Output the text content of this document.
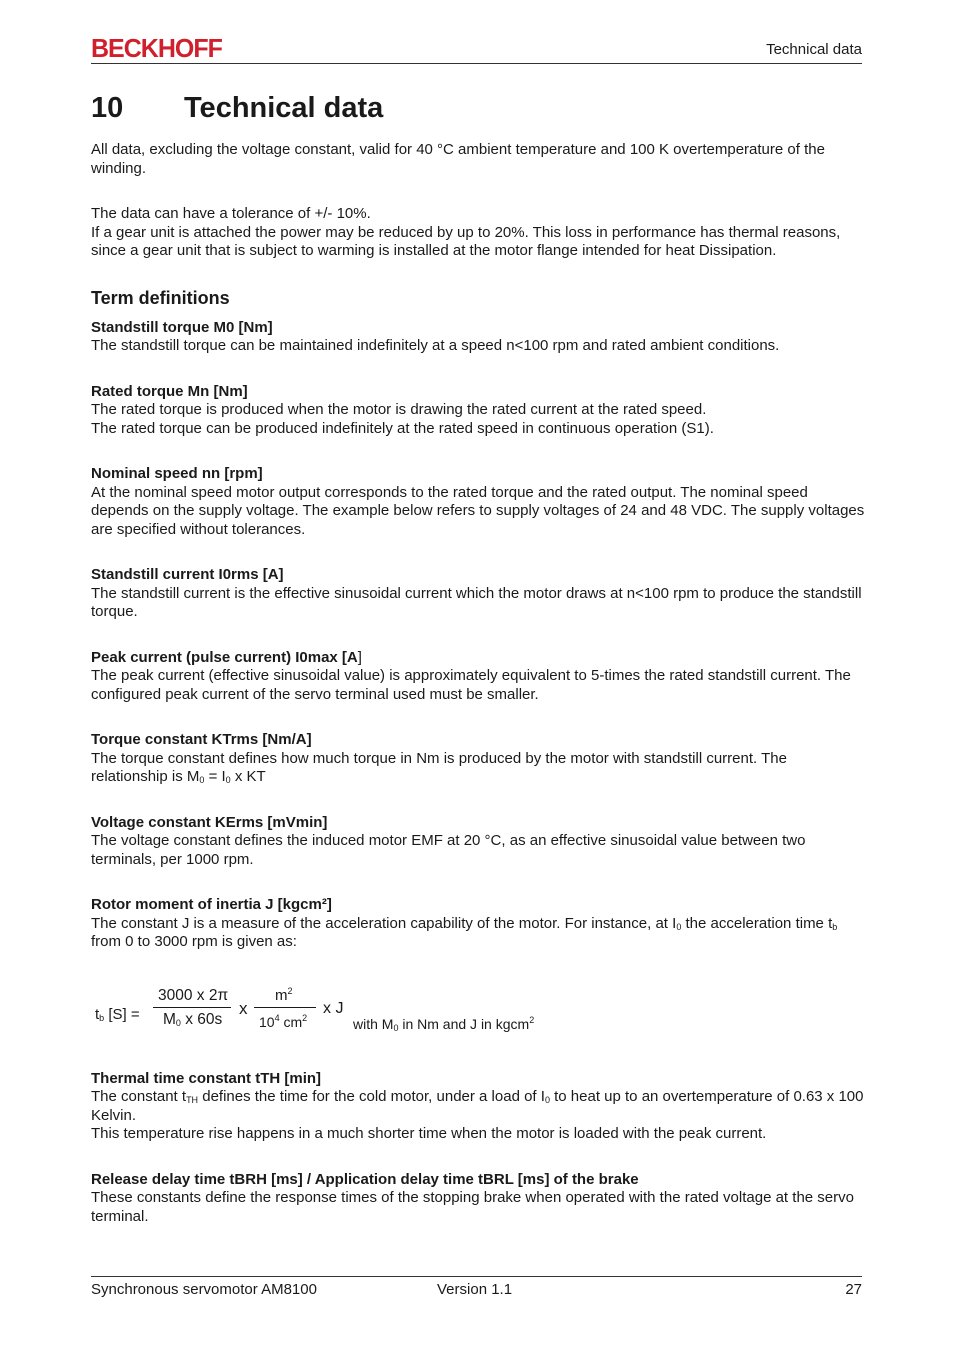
BECKHOFF	Technical data
10 Technical data

All data, excluding the voltage constant, valid for 40 °C ambient temperature and 100 K overtemperature of the winding.

The data can have a tolerance of +/- 10%.

If a gear unit is attached the power may be reduced by up to 20%. This loss in performance has thermal reasons, since a gear unit that is subject to warming is installed at the motor flange intended for heat Dissipation.

Term definitions
Standstill torque M0 [Nm]

The standstill torque can be maintained indefinitely at a speed n<100 rpm and rated ambient conditions.

Rated torque Mn [Nm]

The rated torque is produced when the motor is drawing the rated current at the rated speed.

The rated torque can be produced indefinitely at the rated speed in continuous operation (S1).

Nominal speed nn [rpm]

At the nominal speed motor output corresponds to the rated torque and the rated output. The nominal speed depends on the supply voltage. The example below refers to supply voltages of 24 and 48 VDC. The supply voltages are specified without tolerances.

Standstill current I0rms [A]

The standstill current is the effective sinusoidal current which the motor draws at n<100 rpm to produce the standstill torque.

Peak current (pulse current) I0max [A]

The peak current (effective sinusoidal value) is approximately equivalent to 5-times the rated standstill current. The configured peak current of the servo terminal used must be smaller.

Torque constant KTrms [Nm/A]

The torque constant defines how much torque in Nm is produced by the motor with standstill current. The relationship is $M_0 = I_0$ x KT

Voltage constant KErms [mVmin]

The voltage constant defines the induced motor EMF at 20 °C, as an effective sinusoidal value between two terminals, per 1000 rpm.

Rotor moment of inertia J [kgcm²]

The constant J is a measure of the acceleration capability of the motor. For instance, at $I_0$ the acceleration time $t_b$ from 0 to 3000 rpm is given as:

$t_b$ [S] =
3000 x 2π
$M_0$ x 60s
x
$m^2$
$10^4$ $cm^2$
x J
with $M_0$ in Nm and J in kgcm$^2$
Thermal time constant tTH [min]

The constant $t_{TH}$ defines the time for the cold motor, under a load of $I_0$ to heat up to an overtemperature of 0.63 x 100 Kelvin.

This temperature rise happens in a much shorter time when the motor is loaded with the peak current.

Release delay time tBRH [ms] / Application delay time tBRL [ms] of the brake

These constants define the response times of the stopping brake when operated with the rated voltage at the servo terminal.

Synchronous servomotor AM8100	Version 1.1	27
